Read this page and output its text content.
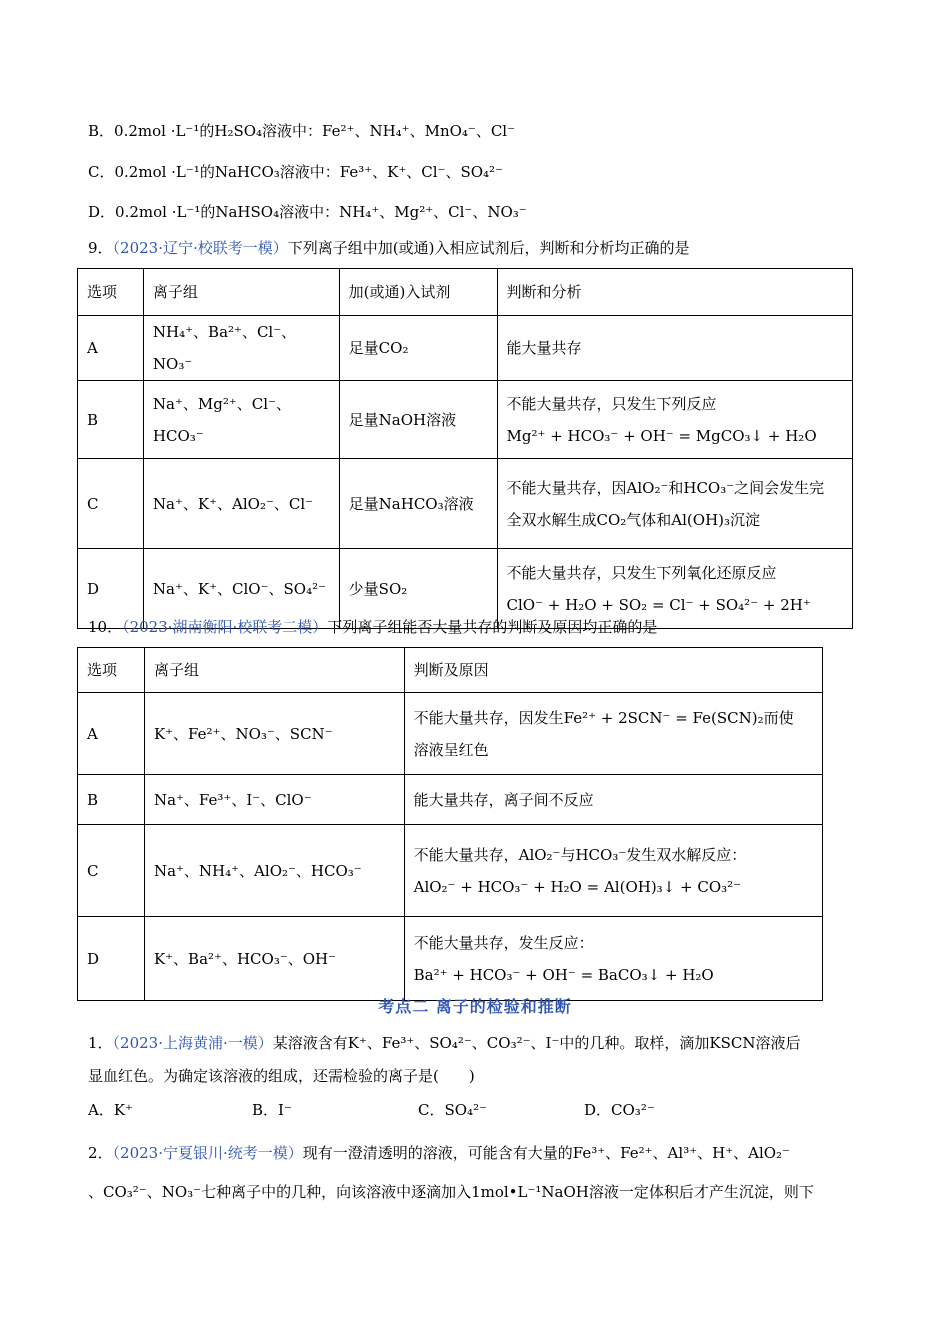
B．0.2mol ·L⁻¹的H₂SO₄溶液中：Fe²⁺、NH₄⁺、MnO₄⁻、Cl⁻
C．0.2mol ·L⁻¹的NaHCO₃溶液中：Fe³⁺、K⁺、Cl⁻、SO₄²⁻
D．0.2mol ·L⁻¹的NaHSO₄溶液中：NH₄⁺、Mg²⁺、Cl⁻、NO₃⁻
9．（2023·辽宁·校联考一模）下列离子组中加(或通)入相应试剂后，判断和分析均正确的是
选项	离子组	加(或通)入试剂	判断和分析
A	NH₄⁺、Ba²⁺、Cl⁻、NO₃⁻	足量CO₂	能大量共存

B	Na⁺、Mg²⁺、Cl⁻、HCO₃⁻	足量NaOH溶液	不能大量共存，只发生下列反应
Mg²⁺ + HCO₃⁻ + OH⁻ = MgCO₃↓ + H₂O

C	Na⁺、K⁺、AlO₂⁻、Cl⁻	足量NaHCO₃溶液	不能大量共存，因AlO₂⁻和HCO₃⁻之间会发生完
全双水解生成CO₂气体和Al(OH)₃沉淀

D	Na⁺、K⁺、ClO⁻、SO₄²⁻	少量SO₂	不能大量共存，只发生下列氧化还原反应
ClO⁻ + H₂O + SO₂ = Cl⁻ + SO₄²⁻ + 2H⁺
10．（2023·湖南衡阳·校联考二模）下列离子组能否大量共存的判断及原因均正确的是
选项	离子组	判断及原因
A	K⁺、Fe²⁺、NO₃⁻、SCN⁻	不能大量共存，因发生Fe²⁺ + 2SCN⁻ = Fe(SCN)₂而使
溶液呈红色

B	Na⁺、Fe³⁺、I⁻、ClO⁻	能大量共存，离子间不反应

C	Na⁺、NH₄⁺、AlO₂⁻、HCO₃⁻	不能大量共存，AlO₂⁻与HCO₃⁻发生双水解反应：
AlO₂⁻ + HCO₃⁻ + H₂O = Al(OH)₃↓ + CO₃²⁻

D	K⁺、Ba²⁺、HCO₃⁻、OH⁻	不能大量共存，发生反应：
Ba²⁺ + HCO₃⁻ + OH⁻ = BaCO₃↓ + H₂O
考点二 离子的检验和推断
1．（2023·上海黄浦·一模）某溶液含有K⁺、Fe³⁺、SO₄²⁻、CO₃²⁻、I⁻中的几种。取样，滴加KSCN溶液后
显血红色。为确定该溶液的组成，还需检验的离子是(　　)
A．K⁺	B．I⁻	C．SO₄²⁻	D．CO₃²⁻
2．（2023·宁夏银川·统考一模）现有一澄清透明的溶液，可能含有大量的Fe³⁺、Fe²⁺、Al³⁺、H⁺、AlO₂⁻
、CO₃²⁻、NO₃⁻七种离子中的几种，向该溶液中逐滴加入1mol•L⁻¹NaOH溶液一定体积后才产生沉淀，则下
